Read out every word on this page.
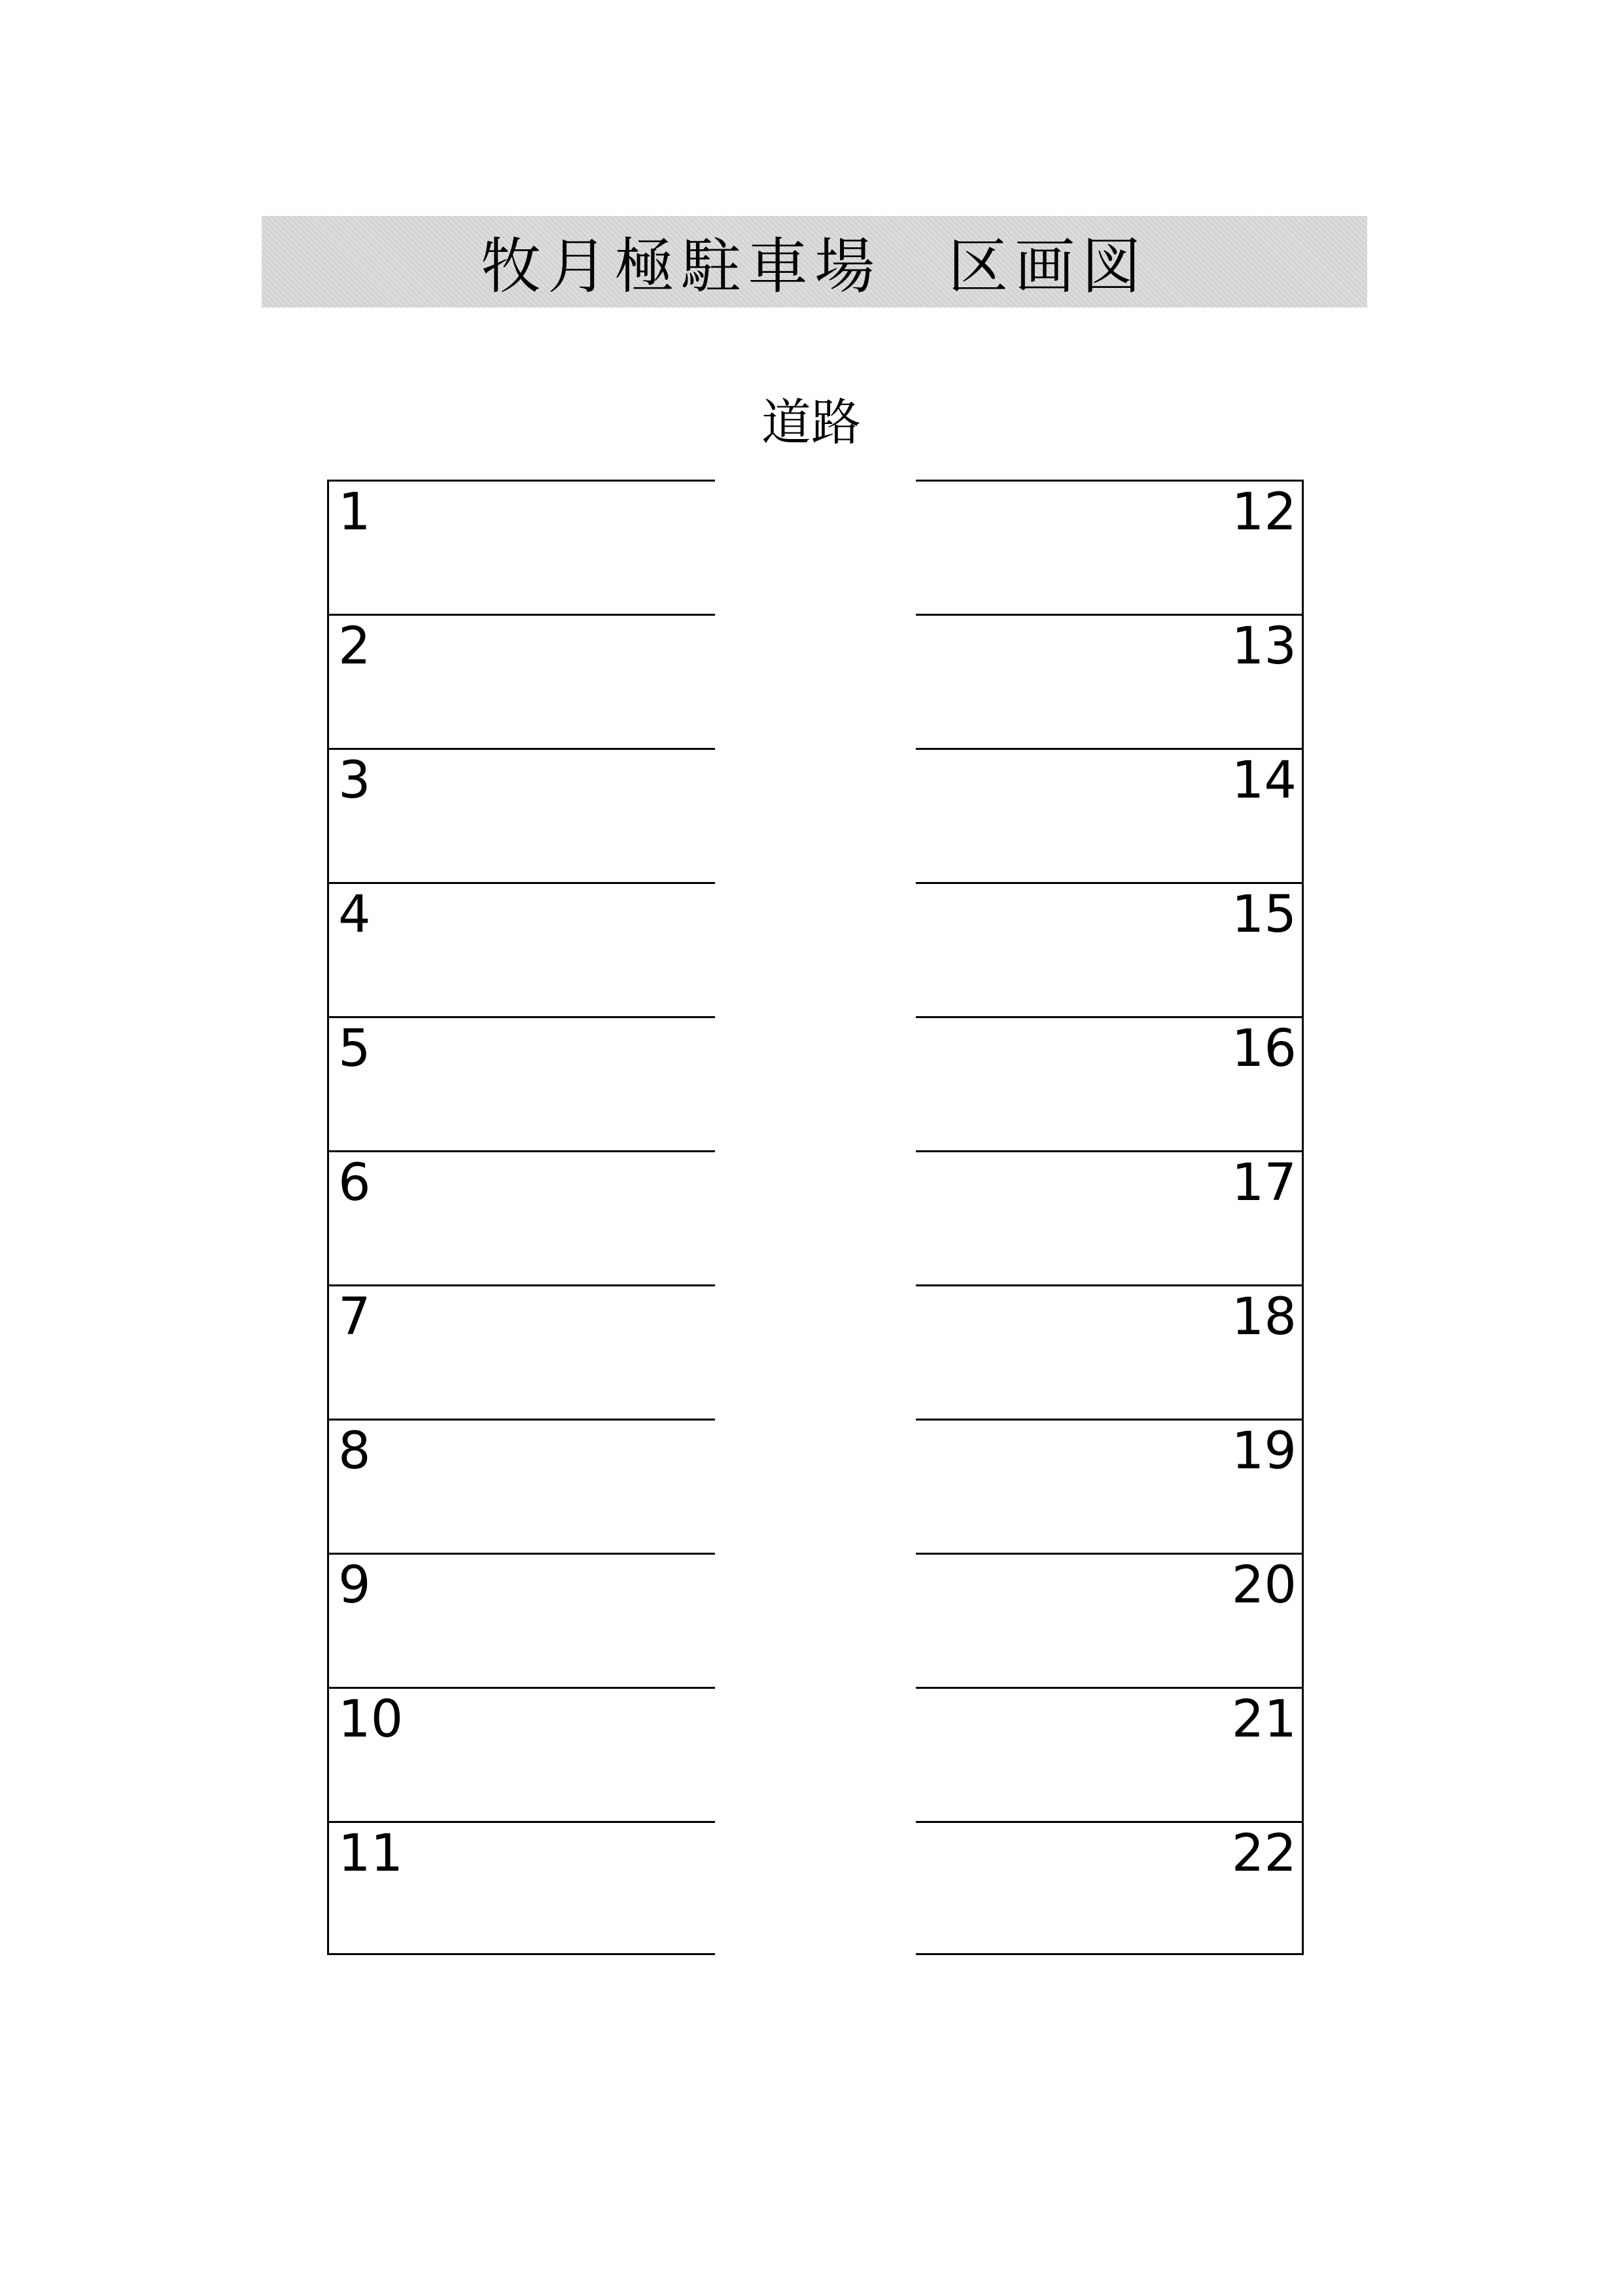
牧月極駐車場　区画図
道路
1
2
3
4
5
6
7
8
9
10
11
12
13
14
15
16
17
18
19
20
21
22
